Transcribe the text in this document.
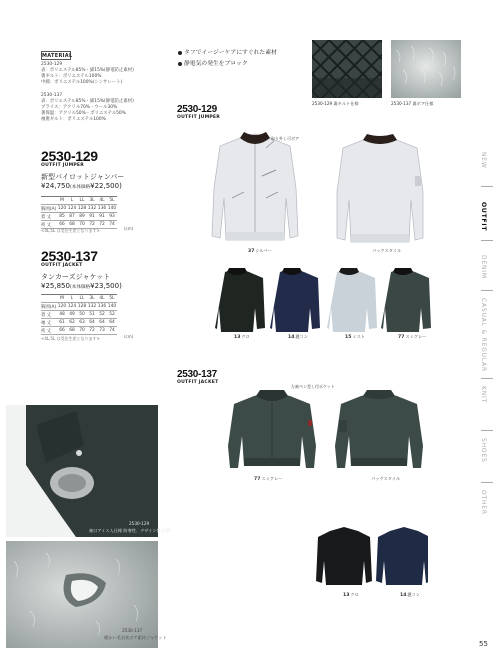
MATERIAL
2530-129
表：ポリエステル85%・綿15%(静電防止素材)
裏ギルト：ポリエステル100%
中綿：ポリエステル100%(シンサレート)
2530-137
表：ポリエステル85%・綿15%(静電防止素材)
ブライス：アクリル70%・ウール30%
裏保温：アクリル50%・ポリエステル50%
袖裏ギルト：ポリエステル100%
2530-129
OUTFIT JUMPER
新型パイロットジャンパー
¥24,750(本体価格¥22,500)
	M	L	LL	3L	4L	5L
胸囲(A)	120	124	128	132	136	140
着 丈	85	87	89	91	91	93
裄 丈	66	68	70	72	72	74
<4L,5L は受注生産となります>	(cm)
2530-137
OUTFIT JACKET
タンカーズジャケット
¥25,850(本体価格¥23,500)
	M	L	LL	3L	4L	5L
胸囲(A)	120	124	128	132	136	140
着 丈	48	49	50	51	52	52
袖 丈	61	62	63	64	64	64
裄 丈	66	68	70	72	73	74
<4L,5L は受注生産となります>	(cm)
タフでイージーケアにすぐれた素材
静電気の発生をブロック
2530-129 裏キルト仕様	2530-137 裏ボア仕様
2530-129
OUTFIT JUMPER
取り外し可ボア
37シルバー	バックスタイル
13クロ	14濃コン	15ミスト	77スミグレー
2530-137
OUTFIT JACKET
左袖ペン差し付ポケット
77スミグレー	バックスタイル
13クロ	14濃コン
2530-129
袖口アイス入仕様 防寒性、デザイン性もUP
2530-137
暖かい毛羽状ボア素材ジャケット
NEW
OUTFIT
DENIM
CASUAL & REGULAR
KNIT
SHOES
OTHER
55
